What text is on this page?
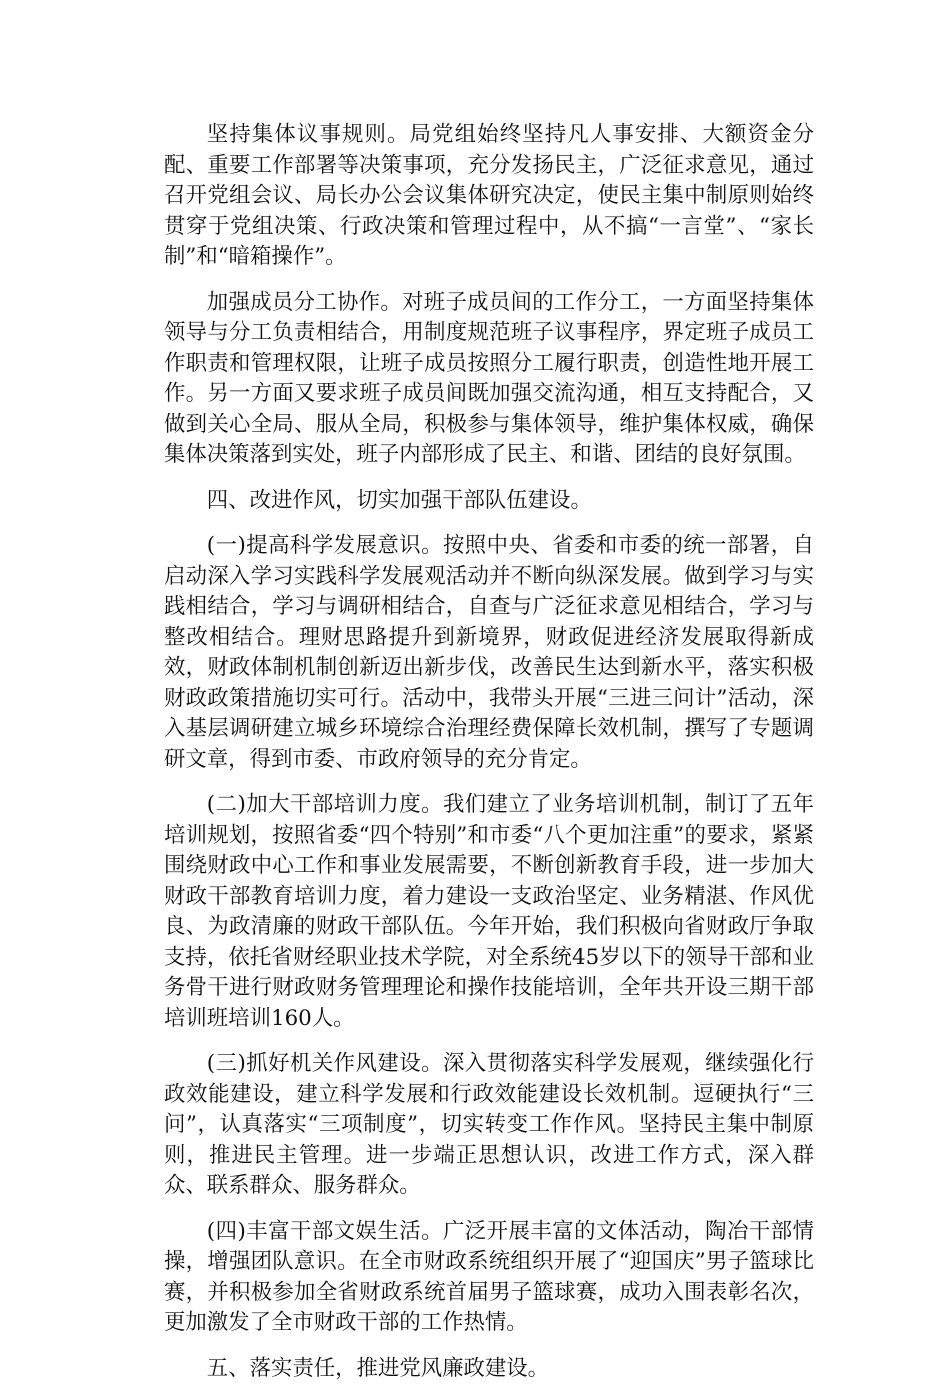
坚持集体议事规则。局党组始终坚持凡人事安排、大额资金分配、重要工作部署等决策事项，充分发扬民主，广泛征求意见，通过召开党组会议、局长办公会议集体研究决定，使民主集中制原则始终贯穿于党组决策、行政决策和管理过程中，从不搞“一言堂”、“家长制”和“暗箱操作”。

加强成员分工协作。对班子成员间的工作分工，一方面坚持集体领导与分工负责相结合，用制度规范班子议事程序，界定班子成员工作职责和管理权限，让班子成员按照分工履行职责，创造性地开展工作。另一方面又要求班子成员间既加强交流沟通，相互支持配合，又做到关心全局、服从全局，积极参与集体领导，维护集体权威，确保集体决策落到实处，班子内部形成了民主、和谐、团结的良好氛围。

四、改进作风，切实加强干部队伍建设。

(一)提高科学发展意识。按照中央、省委和市委的统一部署，自启动深入学习实践科学发展观活动并不断向纵深发展。做到学习与实践相结合，学习与调研相结合，自查与广泛征求意见相结合，学习与整改相结合。理财思路提升到新境界，财政促进经济发展取得新成效，财政体制机制创新迈出新步伐，改善民生达到新水平，落实积极财政政策措施切实可行。活动中，我带头开展“三进三问计”活动，深入基层调研建立城乡环境综合治理经费保障长效机制，撰写了专题调研文章，得到市委、市政府领导的充分肯定。

(二)加大干部培训力度。我们建立了业务培训机制，制订了五年培训规划，按照省委“四个特别”和市委“八个更加注重”的要求，紧紧围绕财政中心工作和事业发展需要，不断创新教育手段，进一步加大财政干部教育培训力度，着力建设一支政治坚定、业务精湛、作风优良、为政清廉的财政干部队伍。今年开始，我们积极向省财政厅争取支持，依托省财经职业技术学院，对全系统45岁以下的领导干部和业务骨干进行财政财务管理理论和操作技能培训，全年共开设三期干部培训班培训160人。

(三)抓好机关作风建设。深入贯彻落实科学发展观，继续强化行政效能建设，建立科学发展和行政效能建设长效机制。逗硬执行“三问”，认真落实“三项制度”，切实转变工作作风。坚持民主集中制原则，推进民主管理。进一步端正思想认识，改进工作方式，深入群众、联系群众、服务群众。

(四)丰富干部文娱生活。广泛开展丰富的文体活动，陶冶干部情操，增强团队意识。在全市财政系统组织开展了“迎国庆”男子篮球比赛，并积极参加全省财政系统首届男子篮球赛，成功入围表彰名次，更加激发了全市财政干部的工作热情。

五、落实责任，推进党风廉政建设。
